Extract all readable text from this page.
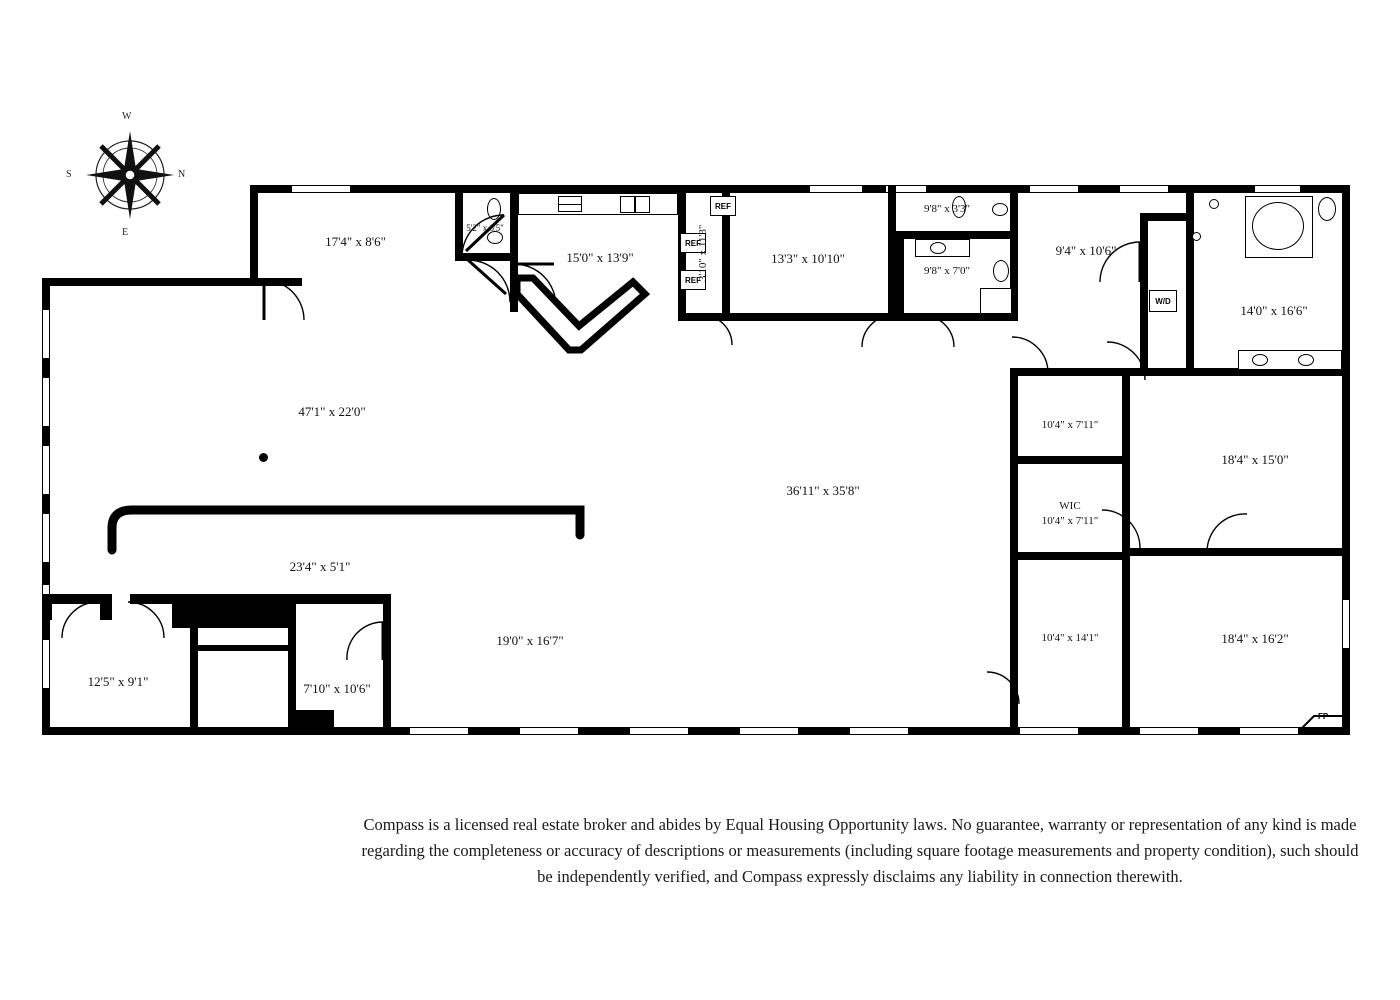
W
N
E
S
REF
REF
REF
W/D
FP
17'4" x 8'6"
5'2" x 6'5"
15'0" x 13'9"	3'10" x 11'3"	13'3" x 10'10"
9'8" x 3'3"
9'8" x 7'0"
9'4" x 10'6"
14'0" x 16'6"
47'1" x 22'0"
36'11" x 35'8"
10'4" x 7'11"
WIC
10'4" x 7'11"
18'4" x 15'0"
18'4" x 16'2"
10'4" x 14'1"
23'4" x 5'1"
19'0" x 16'7"
12'5" x 9'1"	7'10" x 10'6"

Compass is a licensed real estate broker and abides by Equal Housing Opportunity laws. No guarantee, warranty or representation of any kind is made regarding the completeness or accuracy of descriptions or measurements (including square footage measurements and property condition), such should be independently verified, and Compass expressly disclaims any liability in connection therewith.
